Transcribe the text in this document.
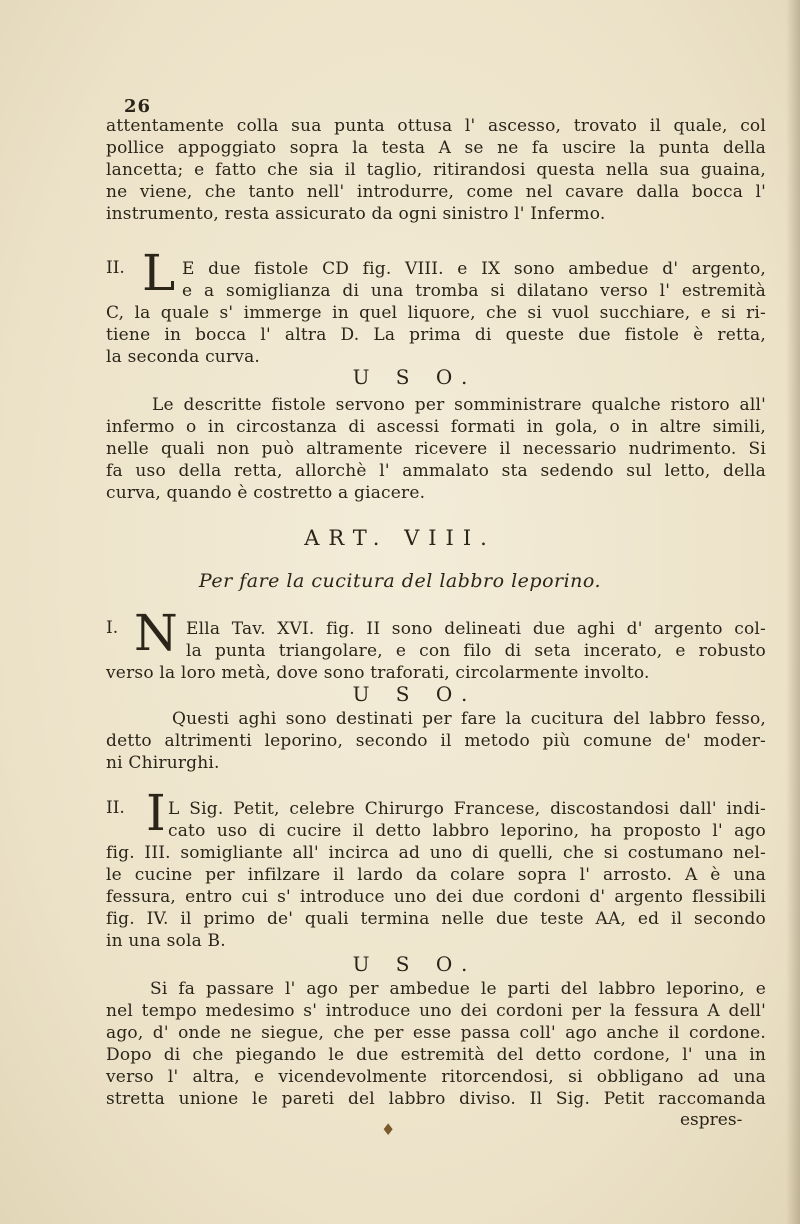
26
attentamente colla sua punta ottusa l' ascesso, trovato il quale, col
pollice appoggiato sopra la testa A se ne fa uscire la punta della
lancetta; e fatto che sia il taglio, ritirandosi questa nella sua guaina,
ne viene, che tanto nell' introdurre, come nel cavare dalla bocca l'
instrumento, resta assicurato da ogni sinistro l' Infermo.
II. L E due fistole CD fig. VIII. e IX sono ambedue d' argento,
e a somiglianza di una tromba si dilatano verso l' estremità
C, la quale s' immerge in quel liquore, che si vuol succhiare, e si ri-
tiene in bocca l' altra D. La prima di queste due fistole è retta,
la seconda curva.
U S O.
Le descritte fistole servono per somministrare qualche ristoro all'
infermo o in circostanza di ascessi formati in gola, o in altre simili,
nelle quali non può altramente ricevere il necessario nudrimento. Si
fa uso della retta, allorchè l' ammalato sta sedendo sul letto, della
curva, quando è costretto a giacere.
ART. VIII.
Per fare la cucitura del labbro leporino.
I. N Ella Tav. XVI. fig. II sono delineati due aghi d' argento col-
la punta triangolare, e con filo di seta incerato, e robusto
verso la loro metà, dove sono traforati, circolarmente involto.
U S O.
Questi aghi sono destinati per fare la cucitura del labbro fesso,
detto altrimenti leporino, secondo il metodo più comune de' moder-
ni Chirurghi.
II. I L Sig. Petit, celebre Chirurgo Francese, discostandosi dall' indi-
cato uso di cucire il detto labbro leporino, ha proposto l' ago
fig. III. somigliante all' incirca ad uno di quelli, che si costumano nel-
le cucine per infilzare il lardo da colare sopra l' arrosto. A è una
fessura, entro cui s' introduce uno dei due cordoni d' argento flessibili
fig. IV. il primo de' quali termina nelle due teste AA, ed il secondo
in una sola B.
U S O.
Si fa passare l' ago per ambedue le parti del labbro leporino, e
nel tempo medesimo s' introduce uno dei cordoni per la fessura A dell'
ago, d' onde ne siegue, che per esse passa coll' ago anche il cordone.
Dopo di che piegando le due estremità del detto cordone, l' una in
verso l' altra, e vicendevolmente ritorcendosi, si obbligano ad una
stretta unione le pareti del labbro diviso. Il Sig. Petit raccomanda
espres-
♦
